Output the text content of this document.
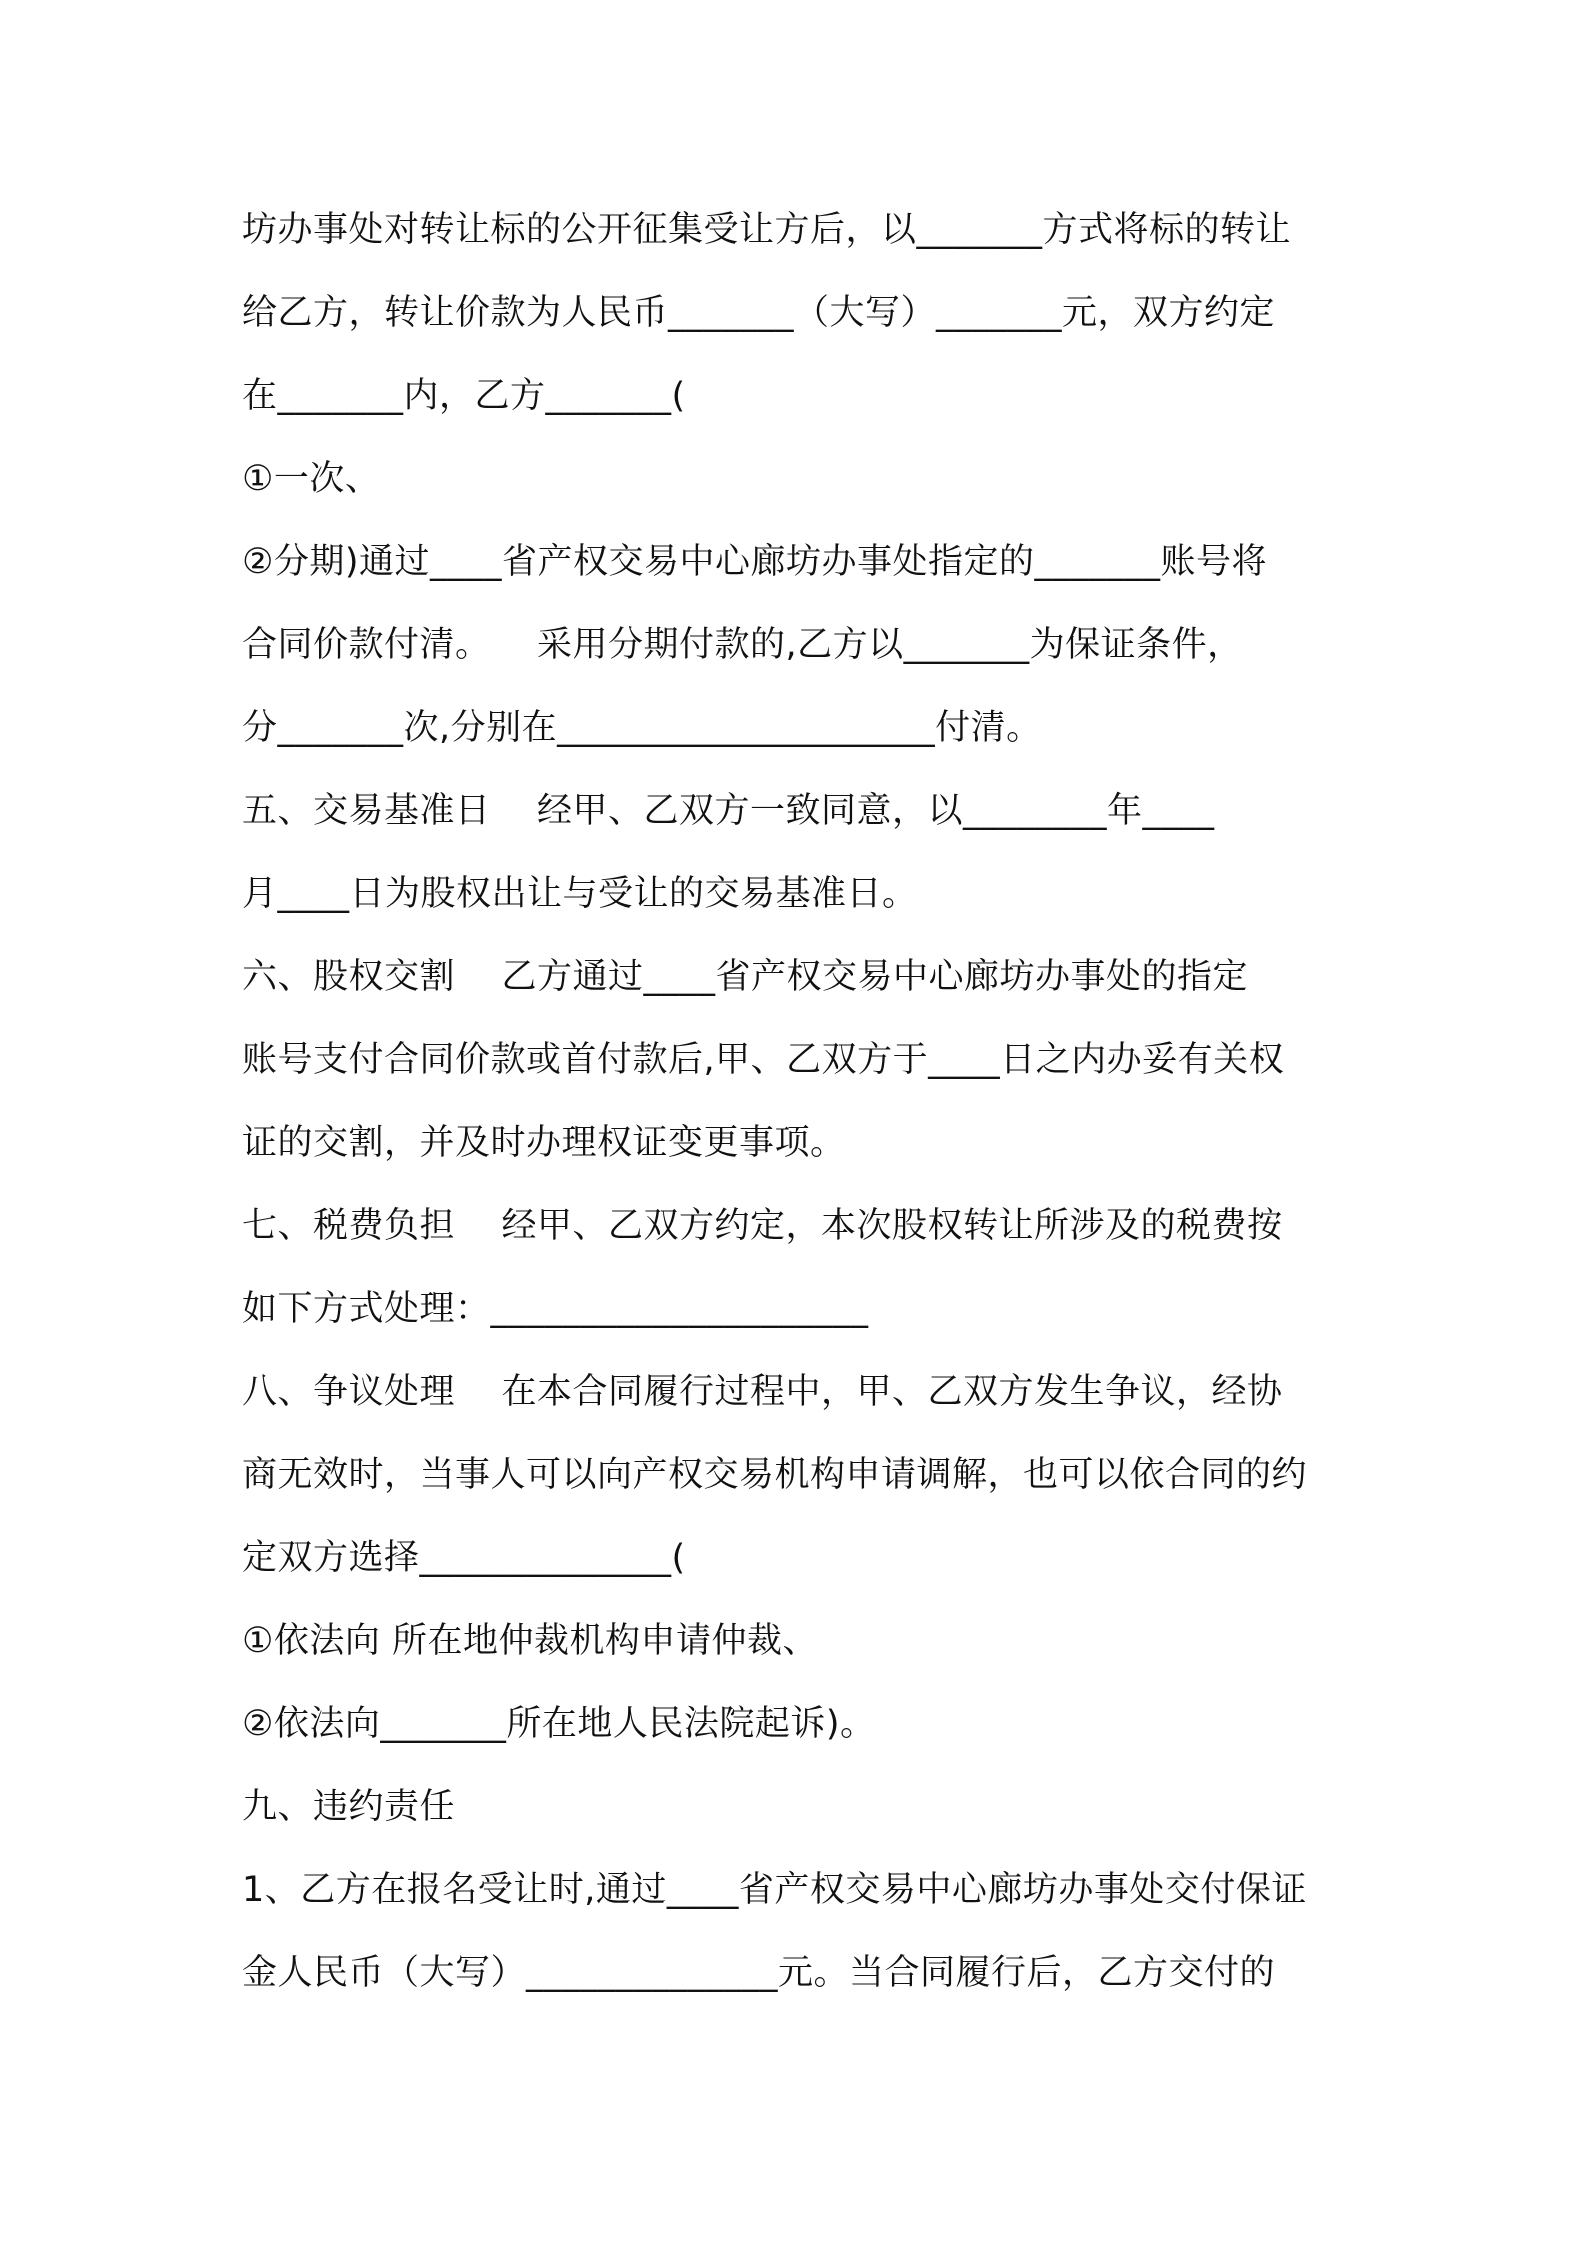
坊办事处对转让标的公开征集受让方后，以_______方式将标的转让
给乙方，转让价款为人民币_______（大写）_______元，双方约定
在_______内，乙方_______(
①一次、
②分期)通过____省产权交易中心廊坊办事处指定的_______账号将
合同价款付清。    采用分期付款的,乙方以_______为保证条件，
分_______次,分别在_____________________付清。
五、交易基准日    经甲、乙双方一致同意，以________年____
月____日为股权出让与受让的交易基准日。
六、股权交割    乙方通过____省产权交易中心廊坊办事处的指定
账号支付合同价款或首付款后,甲、乙双方于____日之内办妥有关权
证的交割，并及时办理权证变更事项。
七、税费负担    经甲、乙双方约定，本次股权转让所涉及的税费按
如下方式处理：_____________________
八、争议处理    在本合同履行过程中，甲、乙双方发生争议，经协
商无效时，当事人可以向产权交易机构申请调解，也可以依合同的约
定双方选择______________(
①依法向 所在地仲裁机构申请仲裁、
②依法向_______所在地人民法院起诉)。
九、违约责任
1、乙方在报名受让时,通过____省产权交易中心廊坊办事处交付保证
金人民币（大写）______________元。当合同履行后，乙方交付的
